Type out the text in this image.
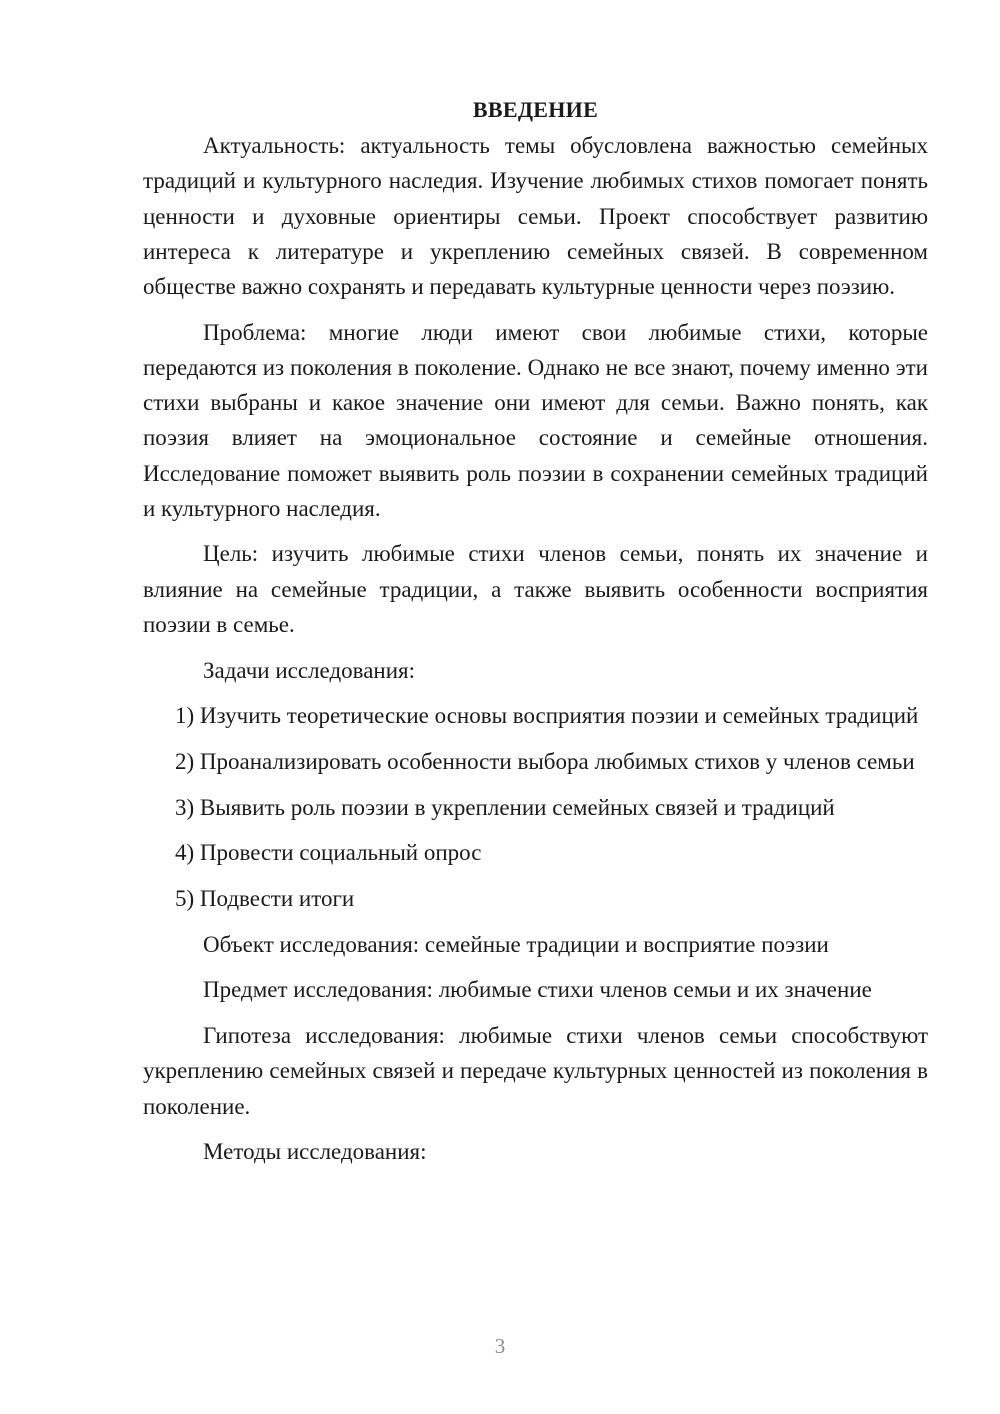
ВВЕДЕНИЕ

Актуальность: актуальность темы обусловлена важностью семейных традиций и культурного наследия. Изучение любимых стихов помогает понять ценности и духовные ориентиры семьи. Проект способствует развитию интереса к литературе и укреплению семейных связей. В современном обществе важно сохранять и передавать культурные ценности через поэзию.

Проблема: многие люди имеют свои любимые стихи, которые передаются из поколения в поколение. Однако не все знают, почему именно эти стихи выбраны и какое значение они имеют для семьи. Важно понять, как поэзия влияет на эмоциональное состояние и семейные отношения. Исследование поможет выявить роль поэзии в сохранении семейных традиций и культурного наследия.

Цель: изучить любимые стихи членов семьи, понять их значение и влияние на семейные традиции, а также выявить особенности восприятия поэзии в семье.

Задачи исследования:

1) Изучить теоретические основы восприятия поэзии и семейных традиций

2) Проанализировать особенности выбора любимых стихов у членов семьи

3) Выявить роль поэзии в укреплении семейных связей и традиций

4) Провести социальный опрос

5) Подвести итоги

Объект исследования: семейные традиции и восприятие поэзии

Предмет исследования: любимые стихи членов семьи и их значение

Гипотеза исследования: любимые стихи членов семьи способствуют укреплению семейных связей и передаче культурных ценностей из поколения в поколение.

Методы исследования:

3
